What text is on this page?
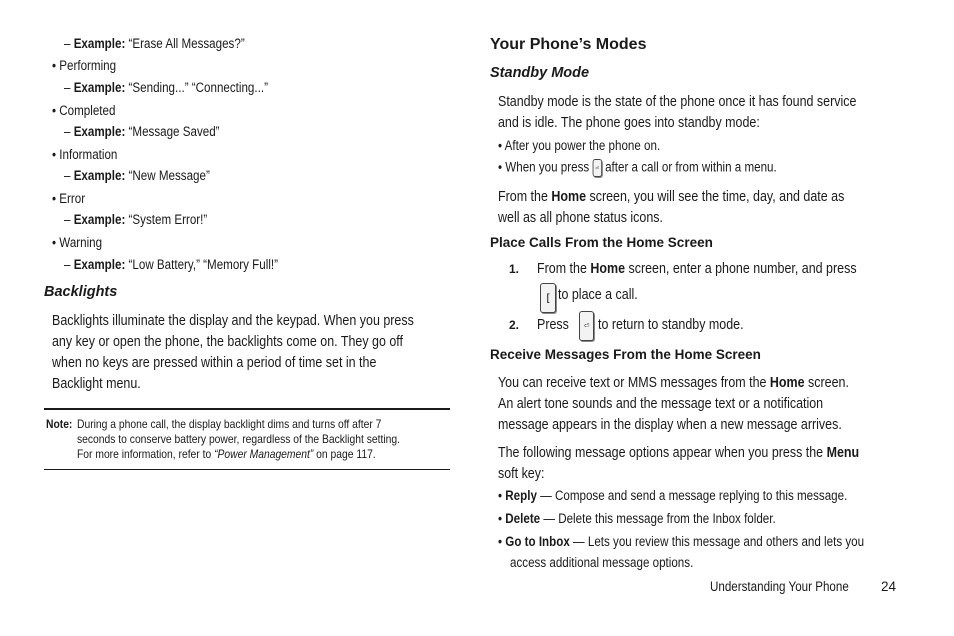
– Example: “Erase All Messages?”
• Performing
– Example: “Sending...” “Connecting...”
• Completed
– Example: “Message Saved”
• Information
– Example: “New Message”
• Error
– Example: “System Error!”
• Warning
– Example: “Low Battery,” “Memory Full!”
Backlights
Backlights illuminate the display and the keypad. When you press
any key or open the phone, the backlights come on. They go off
when no keys are pressed within a period of time set in the
Backlight menu.
Note: During a phone call, the display backlight dims and turns off after 7
seconds to conserve battery power, regardless of the Backlight setting.
For more information, refer to “Power Management” on page 117.
Your Phone’s Modes
Standby Mode
Standby mode is the state of the phone once it has found service
and is idle. The phone goes into standby mode:
• After you power the phone on.
• When you press ⏎ after a call or from within a menu.
From the Home screen, you will see the time, day, and date as
well as all phone status icons.
Place Calls From the Home Screen
1. From the Home screen, enter a phone number, and press
[ to place a call.
2. Press	⏎ to return to standby mode.
Receive Messages From the Home Screen
You can receive text or MMS messages from the Home screen.
An alert tone sounds and the message text or a notification
message appears in the display when a new message arrives.
The following message options appear when you press the Menu
soft key:
• Reply — Compose and send a message replying to this message.
• Delete — Delete this message from the Inbox folder.
• Go to Inbox — Lets you review this message and others and lets you
access additional message options.
Understanding Your Phone	24
